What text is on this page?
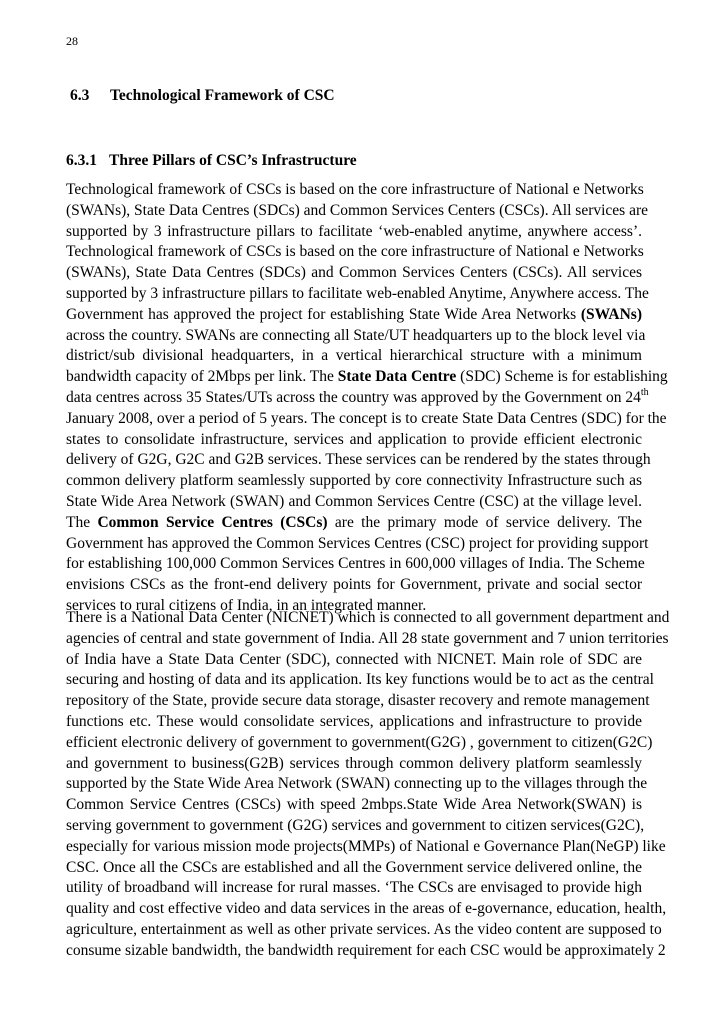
28
6.3 Technological Framework of CSC
6.3.1 Three Pillars of CSC’s Infrastructure
Technological framework of CSCs is based on the core infrastructure of National e Networks
(SWANs), State Data Centres (SDCs) and Common Services Centers (CSCs). All services are
supported by 3 infrastructure pillars to facilitate ‘web-enabled anytime, anywhere access’.
Technological framework of CSCs is based on the core infrastructure of National e Networks
(SWANs), State Data Centres (SDCs) and Common Services Centers (CSCs). All services
supported by 3 infrastructure pillars to facilitate web-enabled Anytime, Anywhere access. The
Government has approved the project for establishing State Wide Area Networks (SWANs)
across the country. SWANs are connecting all State/UT headquarters up to the block level via
district/sub divisional headquarters, in a vertical hierarchical structure with a minimum
bandwidth capacity of 2Mbps per link. The State Data Centre (SDC) Scheme is for establishing
data centres across 35 States/UTs across the country was approved by the Government on 24th
January 2008, over a period of 5 years. The concept is to create State Data Centres (SDC) for the
states to consolidate infrastructure, services and application to provide efficient electronic
delivery of G2G, G2C and G2B services. These services can be rendered by the states through
common delivery platform seamlessly supported by core connectivity Infrastructure such as
State Wide Area Network (SWAN) and Common Services Centre (CSC) at the village level.
The Common Service Centres (CSCs) are the primary mode of service delivery. The
Government has approved the Common Services Centres (CSC) project for providing support
for establishing 100,000 Common Services Centres in 600,000 villages of India. The Scheme
envisions CSCs as the front-end delivery points for Government, private and social sector
services to rural citizens of India, in an integrated manner.
There is a National Data Center (NICNET) which is connected to all government department and
agencies of central and state government of India. All 28 state government and 7 union territories
of India have a State Data Center (SDC), connected with NICNET. Main role of SDC are
securing and hosting of data and its application. Its key functions would be to act as the central
repository of the State, provide secure data storage, disaster recovery and remote management
functions etc. These would consolidate services, applications and infrastructure to provide
efficient electronic delivery of government to government(G2G) , government to citizen(G2C)
and government to business(G2B) services through common delivery platform seamlessly
supported by the State Wide Area Network (SWAN) connecting up to the villages through the
Common Service Centres (CSCs) with speed 2mbps.State Wide Area Network(SWAN) is
serving government to government (G2G) services and government to citizen services(G2C),
especially for various mission mode projects(MMPs) of National e Governance Plan(NeGP) like
CSC. Once all the CSCs are established and all the Government service delivered online, the
utility of broadband will increase for rural masses. ‘The CSCs are envisaged to provide high
quality and cost effective video and data services in the areas of e-governance, education, health,
agriculture, entertainment as well as other private services. As the video content are supposed to
consume sizable bandwidth, the bandwidth requirement for each CSC would be approximately 2
